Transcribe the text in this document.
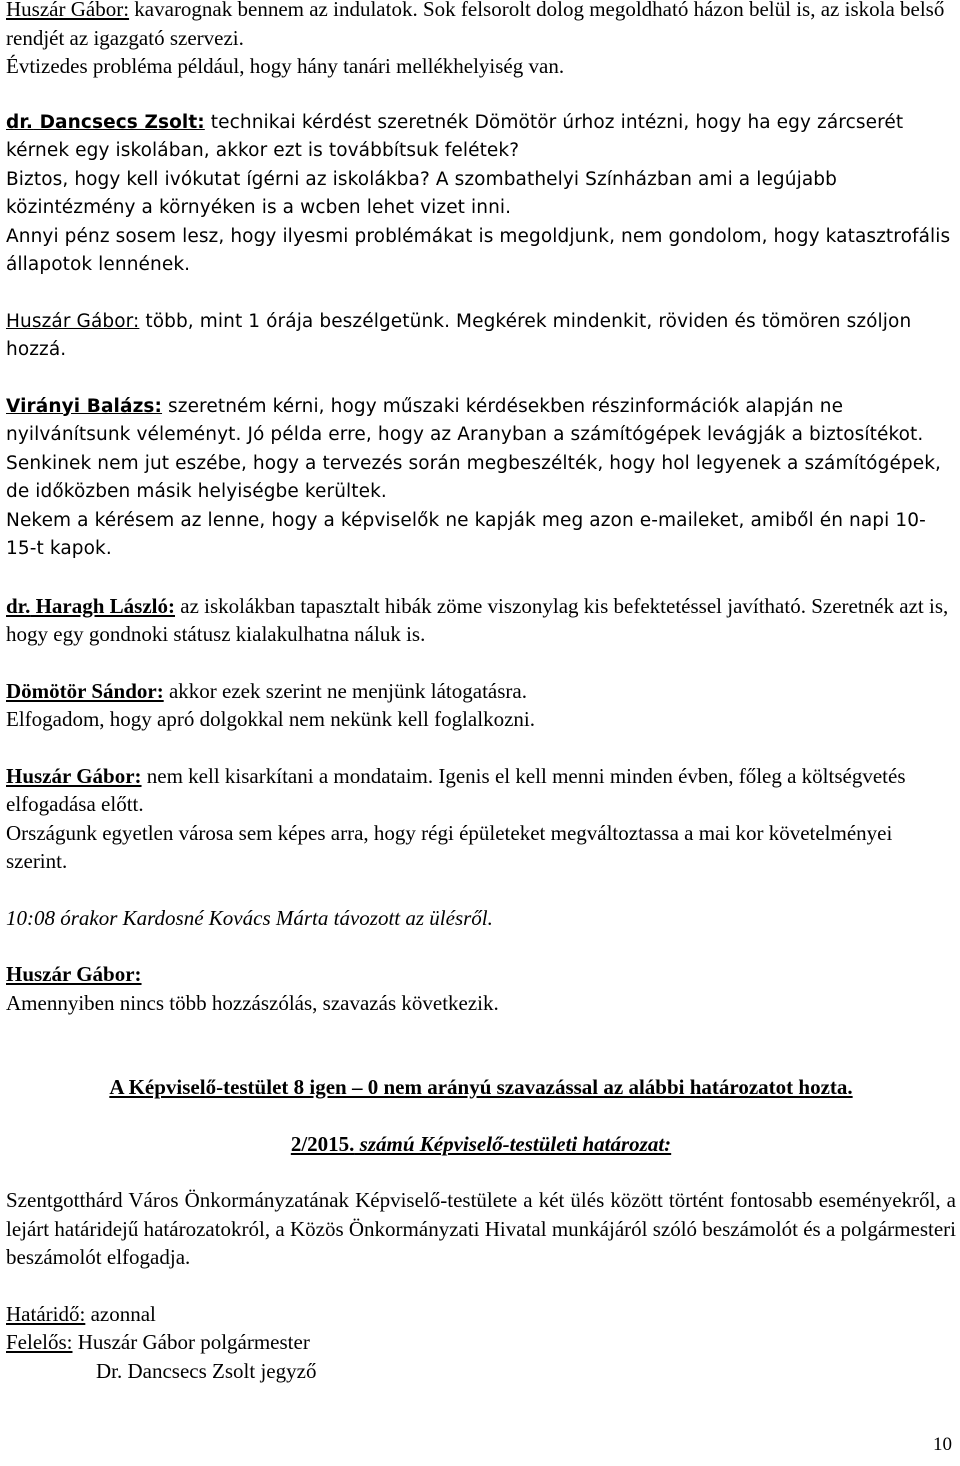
Huszár Gábor: kavarognak bennem az indulatok. Sok felsorolt dolog megoldható házon belül is, az iskola belső rendjét az igazgató szervezi.

Évtizedes probléma például, hogy hány tanári mellékhelyiség van.

dr. Dancsecs Zsolt: technikai kérdést szeretnék Dömötör úrhoz intézni, hogy ha egy zárcserét kérnek egy iskolában, akkor ezt is továbbítsuk felétek?

Biztos, hogy kell ivókutat ígérni az iskolákba? A szombathelyi Színházban ami a legújabb közintézmény a környéken is a wcben lehet vizet inni.

Annyi pénz sosem lesz, hogy ilyesmi problémákat is megoldjunk, nem gondolom, hogy katasztrofális állapotok lennének.

Huszár Gábor: több, mint 1 órája beszélgetünk. Megkérek mindenkit, röviden és tömören szóljon hozzá.

Virányi Balázs: szeretném kérni, hogy műszaki kérdésekben részinformációk alapján ne nyilvánítsunk véleményt. Jó példa erre, hogy az Aranyban a számítógépek levágják a biztosítékot. Senkinek nem jut eszébe, hogy a tervezés során megbeszélték, hogy hol legyenek a számítógépek, de időközben másik helyiségbe kerültek.

Nekem a kérésem az lenne, hogy a képviselők ne kapják meg azon e-maileket, amiből én napi 10-15-t kapok.

dr. Haragh László: az iskolákban tapasztalt hibák zöme viszonylag kis befektetéssel javítható. Szeretnék azt is, hogy egy gondnoki státusz kialakulhatna náluk is.

Dömötör Sándor: akkor ezek szerint ne menjünk látogatásra.

Elfogadom, hogy apró dolgokkal nem nekünk kell foglalkozni.

Huszár Gábor: nem kell kisarkítani a mondataim. Igenis el kell menni minden évben, főleg a költségvetés elfogadása előtt.

Országunk egyetlen városa sem képes arra, hogy régi épületeket megváltoztassa a mai kor követelményei szerint.

10:08 órakor Kardosné Kovács Márta távozott az ülésről.

Huszár Gábor:

Amennyiben nincs több hozzászólás, szavazás következik.

A Képviselő-testület 8 igen – 0 nem arányú szavazással az alábbi határozatot hozta.

2/2015. számú Képviselő-testületi határozat:

Szentgotthárd Város Önkormányzatának Képviselő-testülete a két ülés között történt fontosabb eseményekről, a lejárt határidejű határozatokról, a Közös Önkormányzati Hivatal munkájáról szóló beszámolót és a polgármesteri beszámolót elfogadja.

Határidő: azonnal

Felelős: Huszár Gábor polgármester

Dr. Dancsecs Zsolt jegyző

10
